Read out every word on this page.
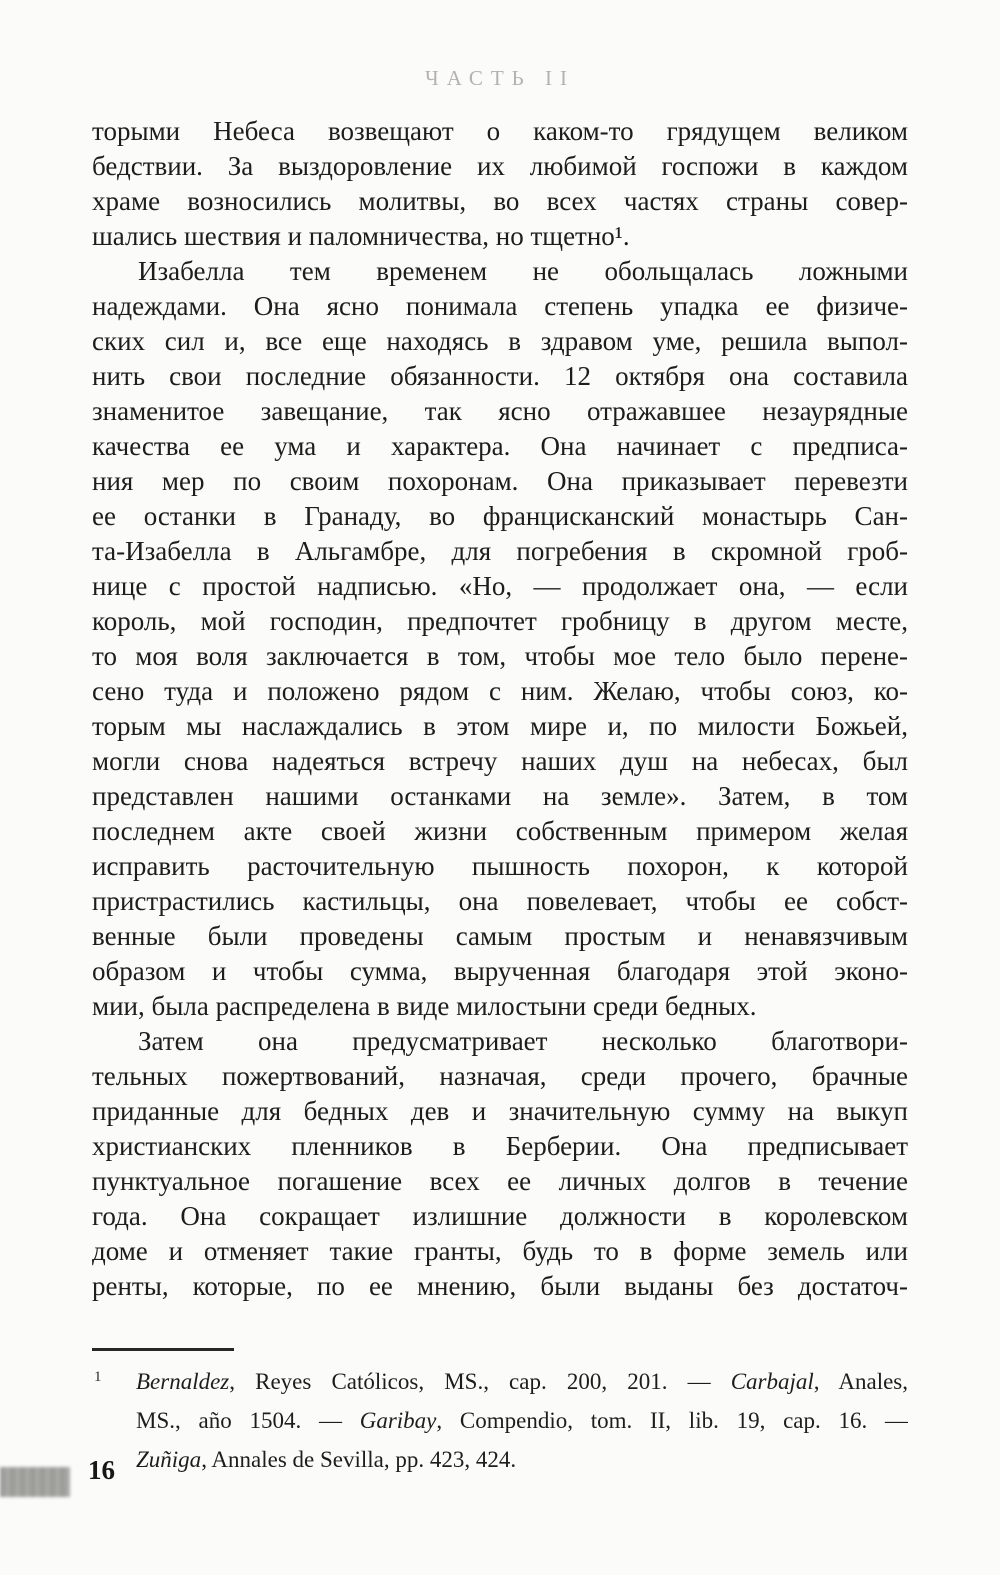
ЧАСТЬ II
торыми Небеса возвещают о каком-то грядущем великом
бедствии. За выздоровление их любимой госпожи в каждом
храме возносились молитвы, во всех частях страны совер-
шались шествия и паломничества, но тщетно¹.
Изабелла тем временем не обольщалась ложными
надеждами. Она ясно понимала степень упадка ее физиче-
ских сил и, все еще находясь в здравом уме, решила выпол-
нить свои последние обязанности. 12 октября она составила
знаменитое завещание, так ясно отражавшее незаурядные
качества ее ума и характера. Она начинает с предписа-
ния мер по своим похоронам. Она приказывает перевезти
ее останки в Гранаду, во францисканский монастырь Сан-
та-Изабелла в Альгамбре, для погребения в скромной гроб-
нице с простой надписью. «Но, — продолжает она, — если
король, мой господин, предпочтет гробницу в другом месте,
то моя воля заключается в том, чтобы мое тело было перене-
сено туда и положено рядом с ним. Желаю, чтобы союз, ко-
торым мы наслаждались в этом мире и, по милости Божьей,
могли снова надеяться встречу наших душ на небесах, был
представлен нашими останками на земле». Затем, в том
последнем акте своей жизни собственным примером желая
исправить расточительную пышность похорон, к которой
пристрастились кастильцы, она повелевает, чтобы ее собст-
венные были проведены самым простым и ненавязчивым
образом и чтобы сумма, вырученная благодаря этой эконо-
мии, была распределена в виде милостыни среди бедных.
Затем она предусматривает несколько благотвори-
тельных пожертвований, назначая, среди прочего, брачные
приданные для бедных дев и значительную сумму на выкуп
христианских пленников в Берберии. Она предписывает
пунктуальное погашение всех ее личных долгов в течение
года. Она сокращает излишние должности в королевском
доме и отменяет такие гранты, будь то в форме земель или
ренты, которые, по ее мнению, были выданы без достаточ-
1 Bernaldez, Reyes Católicos, MS., cap. 200, 201. — Carbajal, Anales,
MS., año 1504. — Garibay, Compendio, tom. II, lib. 19, cap. 16. —
Zuñiga, Annales de Sevilla, pp. 423, 424.
16
